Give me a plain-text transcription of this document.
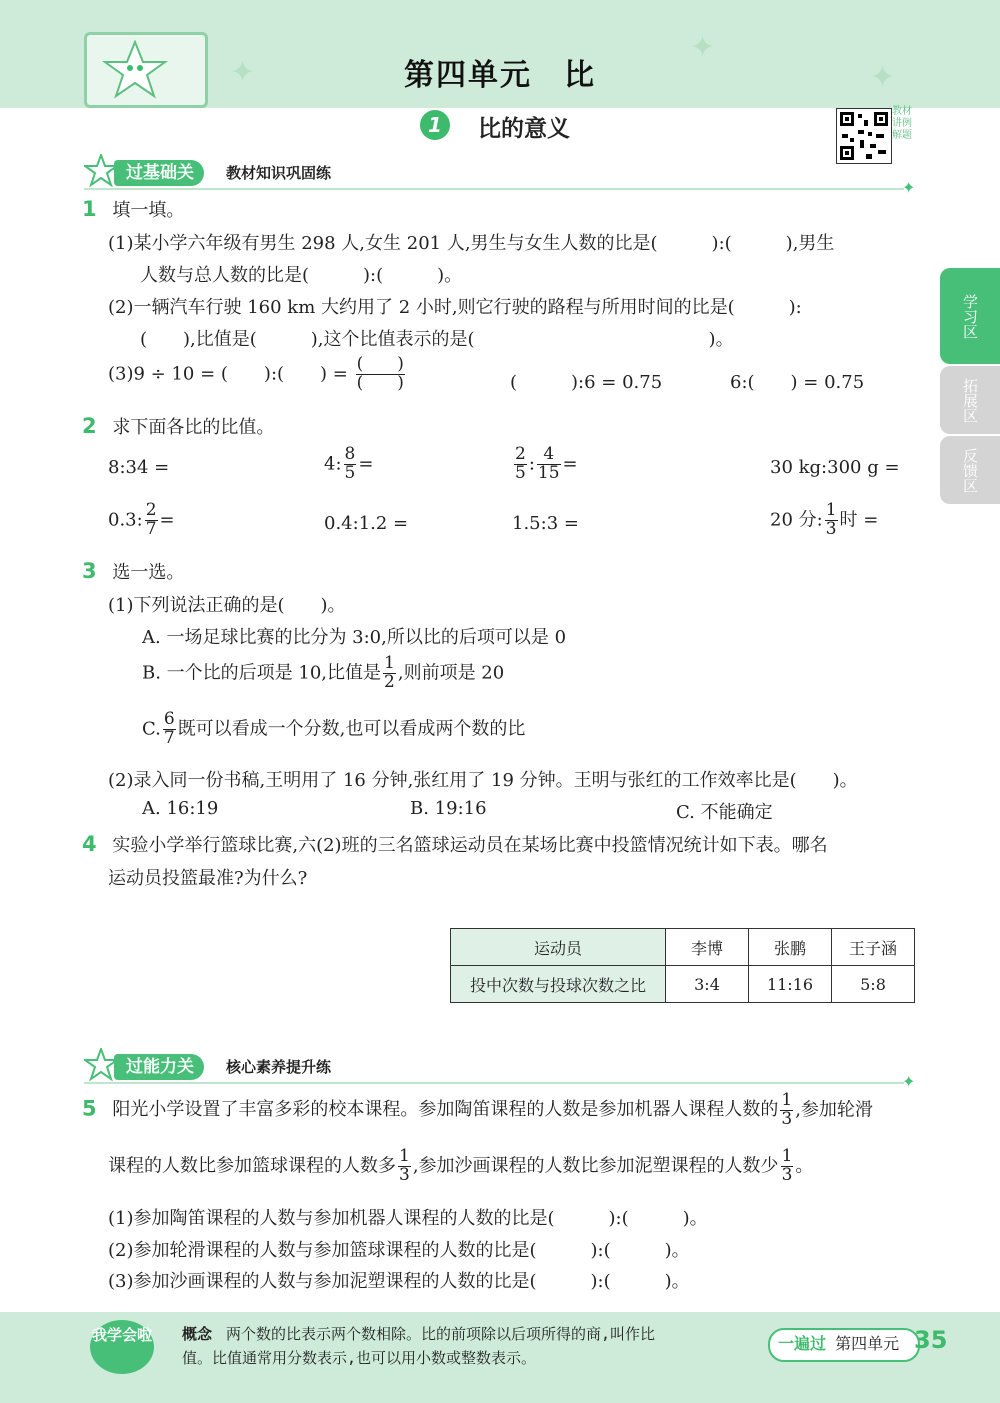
✦
✦
✦
第四单元　比
1	比的意义
教材讲例解题
学习区
拓展区
反馈区
过基础关	教材知识巩固练
✦
1 填一填。
(1)某小学六年级有男生 298 人,女生 201 人,男生与女生人数的比是(　　　):(　　　),男生
人数与总人数的比是(　　　):(　　　)。
(2)一辆汽车行驶 160 km 大约用了 2 小时,则它行驶的路程与所用时间的比是(　　　):
(　　),比值是(　　　),这个比值表示的是(　　　　　　　　　　　　　)。
(3)9 ÷ 10 = (　　):(　　) = $\frac{( )}{( )}$	(　　　):6 = 0.75	6:(　　) = 0.75
2 求下面各比的比值。
8:34 =	4: $\frac{8}{5}$ =	$\frac{2}{5}$ : $\frac{4}{15}$ =	30 kg:300 g =
0.3: $\frac{2}{7}$ =	0.4:1.2 =	1.5:3 =	20 分: $\frac{1}{3}$ 时 =
3 选一选。
(1)下列说法正确的是(　　)。
A. 一场足球比赛的比分为 3:0,所以比的后项可以是 0
B. 一个比的后项是 10,比值是 $\frac{1}{2}$ ,则前项是 20
C. $\frac{6}{7}$ 既可以看成一个分数,也可以看成两个数的比
(2)录入同一份书稿,王明用了 16 分钟,张红用了 19 分钟。王明与张红的工作效率比是(　　)。
A. 16:19	B. 19:16	C. 不能确定
4 实验小学举行篮球比赛,六(2)班的三名篮球运动员在某场比赛中投篮情况统计如下表。哪名
运动员投篮最准?为什么?
运动员	李博	张鹏	王子涵
投中次数与投球次数之比	3:4	11:16	5:8
过能力关	核心素养提升练
✦
5 阳光小学设置了丰富多彩的校本课程。参加陶笛课程的人数是参加机器人课程人数的 $\frac{1}{3}$ ,参加轮滑
课程的人数比参加篮球课程的人数多 $\frac{1}{3}$ ,参加沙画课程的人数比参加泥塑课程的人数少 $\frac{1}{3}$ 。
(1)参加陶笛课程的人数与参加机器人课程的人数的比是(　　　):(　　　)。
(2)参加轮滑课程的人数与参加篮球课程的人数的比是(　　　):(　　　)。
(3)参加沙画课程的人数与参加泥塑课程的人数的比是(　　　):(　　　)。
我学会啦 概念 两个数的比表示两个数相除。比的前项除以后项所得的商,叫作比
值。比值通常用分数表示,也可以用小数或整数表示。
一遍过 第四单元 35
